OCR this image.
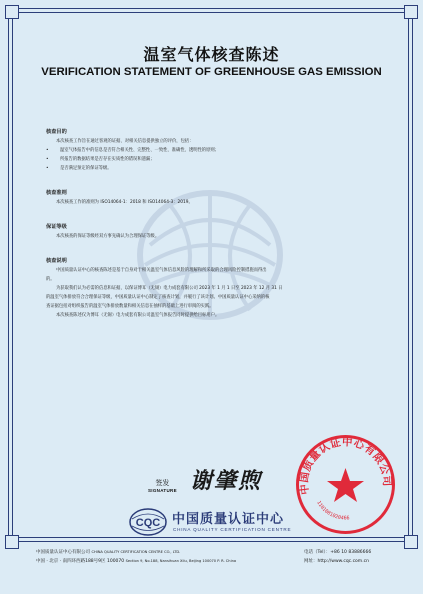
温室气体核查陈述
VERIFICATION STATEMENT OF GREENHOUSE GAS EMISSION
核查目的
本次核查工作旨在通过客观的证据、对相关信息提供独立的评价，包括：
•	温室气体报告中的信息是否符合相关性、完整性、一致性、准确性、透明性的原则；
•	所报告的数据结果是否存在实质性的错误和遗漏；
•	是否满足预定的保证等级。
核查准则
本次核查工作的准则为 ISO14064-1：2018 和 ISO14064-3：2019。
保证等级
本次核查的保证等级经双方事先确认为合理保证等级。
核查说明
中国质量认证中心的核查陈述是基于自身对于相关温室气体信息风险的理解和所采取的合理风险控制措施而得出
的。
为获取我们认为必需的信息和证据，以保证博耳（无锡）电力成套有限公司 2023 年 1 月 1 日至 2023 年 12 月 31 日
的温室气体排放符合合理保证等级，中国质量认证中心制定了核查计划，并履行了该计划。中国质量认证中心采纳的核
查证据包括对组织报告的温室气体排放数量和相关信息在抽样的基础上进行审阅的实践。
本次核查陈述仅为博耳（无锡）电力成套有限公司温室气体报告同时提供给目标用户。
签发
SIGNATURE 谢肇煦	中国质量认证中心有限公司
1101081020466
CQC 中国质量认证中心
CHINA QUALITY CERTIFICATION CENTRE
中国质量认证中心有限公司 CHINA QUALITY CERTIFICATION CENTRE CO., LTD.	电话（Tel）：+86 10 83886666
中国 · 北京 · 南四环西路188号9区 100070 Section 9, No.188, Nansihuan Xilu, Beijing 100070 P. R. China	网址：http://www.cqc.com.cn
